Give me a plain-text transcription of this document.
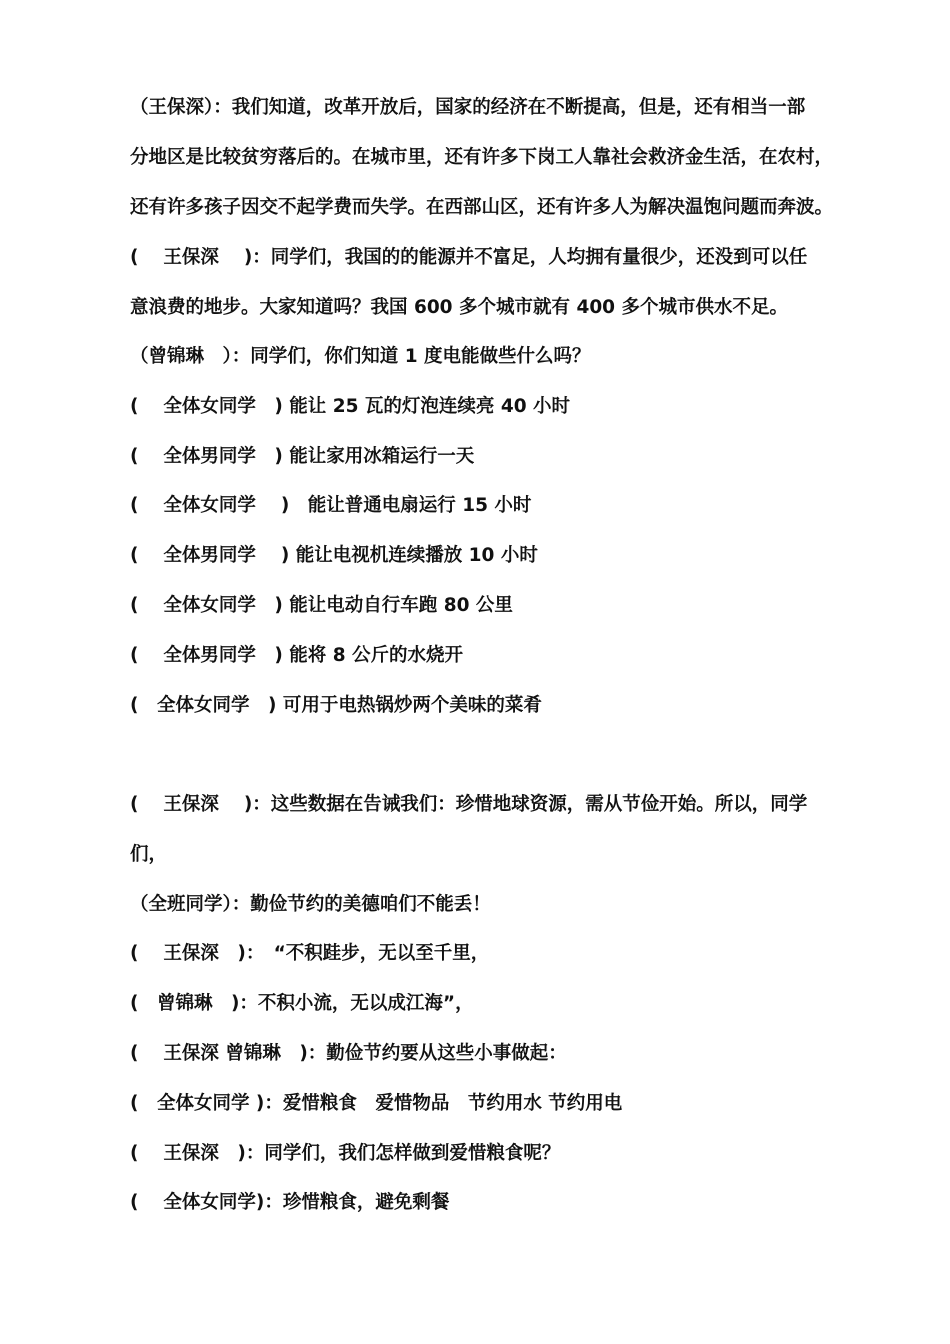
（王保深）：我们知道，改革开放后，国家的经济在不断提高，但是，还有相当一部
分地区是比较贫穷落后的。在城市里，还有许多下岗工人靠社会救济金生活，在农村，
还有许多孩子因交不起学费而失学。在西部山区，还有许多人为解决温饱问题而奔波。
(　 王保深 　)：同学们，我国的的能源并不富足，人均拥有量很少，还没到可以任
意浪费的地步。大家知道吗？我国 600 多个城市就有 400 多个城市供水不足。
（曾锦琳　）：同学们，你们知道 1 度电能做些什么吗？
(　 全体女同学　) 能让 25 瓦的灯泡连续亮 40 小时
(　 全体男同学　) 能让家用冰箱运行一天
(　 全体女同学　 )　能让普通电扇运行 15 小时
(　 全体男同学　 ) 能让电视机连续播放 10 小时
(　 全体女同学　) 能让电动自行车跑 80 公里
(　 全体男同学　) 能将 8 公斤的水烧开
(　全体女同学　) 可用于电热锅炒两个美味的菜肴
(　 王保深　 )：这些数据在告诫我们：珍惜地球资源，需从节俭开始。所以，同学
们，
（全班同学）：勤俭节约的美德咱们不能丢！
(　 王保深　)：　“不积跬步，无以至千里，
(　曾锦琳　)：不积小流，无以成江海”，
(　 王保深 曾锦琳　)：勤俭节约要从这些小事做起：
(　全体女同学 )：爱惜粮食　爱惜物品　节约用水 节约用电
(　 王保深　)：同学们，我们怎样做到爱惜粮食呢？
(　 全体女同学)：珍惜粮食，避免剩餐
